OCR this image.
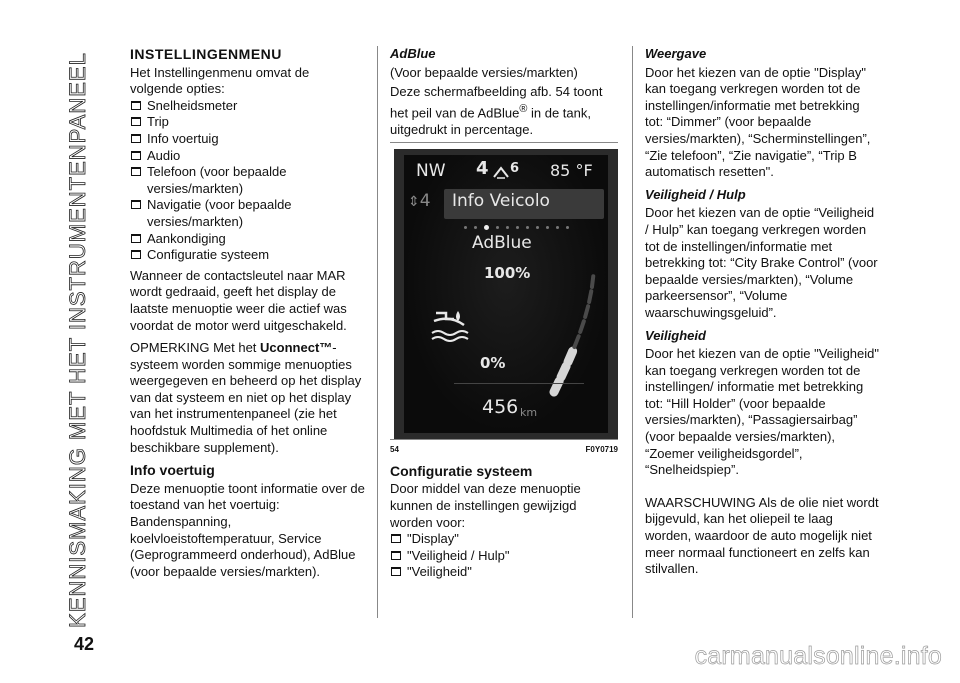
KENNISMAKING MET HET INSTRUMENTENPANEEL	INSTELLINGENMENU

Het Instellingenmenu omvat de volgende opties:

Snelheidsmeter
Trip
Info voertuig
Audio
Telefoon (voor bepaalde versies/markten)
Navigatie (voor bepaalde versies/markten)
Aankondiging
Configuratie systeem

Wanneer de contactsleutel naar MAR wordt gedraaid, geeft het display de laatste menuoptie weer die actief was voordat de motor werd uitgeschakeld.

OPMERKING Met het Uconnect™-systeem worden sommige menuopties weergegeven en beheerd op het display van dat systeem en niet op het display van het instrumentenpaneel (zie het hoofdstuk Multimedia of het online beschikbare supplement).

Info voertuig

Deze menuoptie toont informatie over de toestand van het voertuig: Bandenspanning, koelvloeistoftemperatuur, Service (Geprogrammeerd onderhoud), AdBlue (voor bepaalde versies/markten).

AdBlue

(Voor bepaalde versies/markten)

Deze schermafbeelding afb. 54 toont het peil van de AdBlue® in de tank, uitgedrukt in percentage.

NW 4 6 85 °F
⇕4 Info Veicolo
AdBlue
100%
0%
456 km
54	F0Y0719
Configuratie systeem

Door middel van deze menuoptie kunnen de instellingen gewijzigd worden voor:

"Display"
"Veiligheid / Hulp"
"Veiligheid"
Weergave

Door het kiezen van de optie "Display" kan toegang verkregen worden tot de instellingen/informatie met betrekking tot: “Dimmer” (voor bepaalde versies/markten), “Scherminstellingen”, “Zie telefoon”, “Zie navigatie”, “Trip B automatisch resetten".

Veiligheid / Hulp

Door het kiezen van de optie “Veiligheid / Hulp” kan toegang verkregen worden tot de instellingen/informatie met betrekking tot: “City Brake Control” (voor bepaalde versies/markten), “Volume parkeersensor”, “Volume waarschuwingsgeluid”.

Veiligheid

Door het kiezen van de optie "Veiligheid" kan toegang verkregen worden tot de instellingen/ informatie met betrekking tot: “Hill Holder” (voor bepaalde versies/markten), “Passagiersairbag” (voor bepaalde versies/markten), “Zoemer veiligheidsgordel”, “Snelheidspiep”.

WAARSCHUWING Als de olie niet wordt bijgevuld, kan het oliepeil te laag worden, waardoor de auto mogelijk niet meer normaal functioneert en zelfs kan stilvallen.

42	carmanualsonline.info
